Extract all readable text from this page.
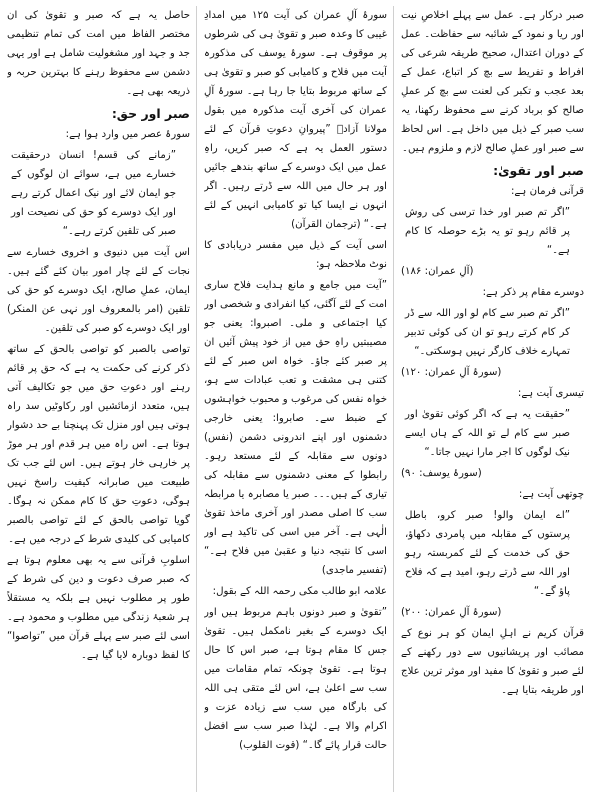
صبر درکار ہے۔ عمل سے پہلے اخلاصِ نیت اور ریا و نمود کے شائبہ سے حفاظت۔ عمل کے دوران اعتدال، صحیح طریقہ شرعی کی افراط و تفریط سے بچ کر اتباع، عمل کے بعد عجب و تکبر کی لعنت سے بچ کر عملِ صالح کو برباد کرنے سے محفوظ رکھنا، یہ سب صبر کے ذیل میں داخل ہے۔ اس لحاظ سے صبر اور عملِ صالح لازم و ملزوم ہیں۔

صبر اور تقویٰ:

قرآنی فرمان ہے:

”اگر تم صبر اور خدا ترسی کی روش پر قائم رہو تو یہ بڑے حوصلہ کا کام ہے۔“

(آلِ عمران: ۱۸۶)

دوسرے مقام پر ذکر ہے:

”اگر تم صبر سے کام لو اور اللہ سے ڈر کر کام کرتے رہو تو ان کی کوئی تدبیر تمہارے خلاف کارگر نہیں ہوسکتی۔“

(سورۂ آلِ عمران: ۱۲۰)

تیسری آیت ہے:

”حقیقت یہ ہے کہ اگر کوئی تقویٰ اور صبر سے کام لے تو اللہ کے ہاں ایسے نیک لوگوں کا اجر مارا نہیں جاتا۔“

(سورۂ یوسف: ۹۰)

چوتھی آیت ہے:

”اے ایمان والو! صبر کرو، باطل پرستوں کے مقابلہ میں پامردی دکھاؤ، حق کی خدمت کے لئے کمربستہ رہو اور اللہ سے ڈرتے رہو، امید ہے کہ فلاح پاؤ گے۔“

(سورۂ آلِ عمران: ۲۰۰)

قرآن کریم نے اہلِ ایمان کو ہر نوع کے مصائب اور پریشانیوں سے دور رکھنے کے لئے صبر و تقویٰ کا مفید اور موثر ترین علاج اور طریقہ بتایا ہے۔

سورۂ آلِ عمران کی آیت ۱۲۵ میں امدادِ غیبی کا وعدہ صبر و تقویٰ ہی کی شرطوں پر موقوف ہے۔ سورۂ یوسف کی مذکورہ آیت میں فلاح و کامیابی کو صبر و تقویٰ ہی کے ساتھ مربوط بتایا جا رہا ہے۔ سورۂ آلِ عمران کی آخری آیت مذکورہ میں بقول مولانا آزادؒ ”پیروانِ دعوتِ قرآن کے لئے دستور العمل یہ ہے کہ صبر کریں، راہِ عمل میں ایک دوسرے کے ساتھ بندھے جائیں اور ہر حال میں اللہ سے ڈرتے رہیں۔ اگر انہوں نے ایسا کیا تو کامیابی انہیں کے لئے ہے۔“ (ترجمان القرآن)

اسی آیت کے ذیل میں مفسر دریابادی کا نوٹ ملاحظہ ہو:

”آیت میں جامع و مانع ہدایت فلاح ساری امت کے لئے آگئی، کیا انفرادی و شخصی اور کیا اجتماعی و ملی۔ اصبروا: یعنی جو مصیبتیں راہِ حق میں از خود پیش آئیں ان پر صبر کئے جاؤ۔ خواہ اس صبر کے لئے کتنی ہی مشقت و تعب عبادات سے ہو، خواہ نفس کی مرغوب و محبوب خواہشوں کے ضبط سے۔ صابروا: یعنی خارجی دشمنوں اور اپنے اندرونی دشمن (نفس) دونوں سے مقابلہ کے لئے مستعد رہو۔ رابطوا کے معنی دشمنوں سے مقابلہ کی تیاری کے ہیں۔۔۔ صبر یا مصابرہ یا مرابطہ سب کا اصلی مصدر اور آخری ماخذ تقویٰ الٰہی ہے۔ آخر میں اسی کی تاکید ہے اور اسی کا نتیجہ دنیا و عقبیٰ میں فلاح ہے۔“ (تفسیر ماجدی)

علامہ ابو طالب مکی رحمہ اللہ کے بقول:

”تقویٰ و صبر دونوں باہم مربوط ہیں اور ایک دوسرے کے بغیر نامکمل ہیں۔ تقویٰ جس کا مقام ہوتا ہے، صبر اس کا حال ہوتا ہے۔ تقویٰ چونکہ تمام مقامات میں سب سے اعلیٰ ہے، اس لئے متقی ہی اللہ کی بارگاہ میں سب سے زیادہ عزت و اکرام والا ہے۔ لہٰذا صبر سب سے افضل حالت قرار پائے گا۔“ (قوت القلوب)

حاصل یہ ہے کہ صبر و تقویٰ کی ان مختصر الفاظ میں امت کی تمام تنظیمی جد و جہد اور مشغولیت شامل ہے اور یہی دشمن سے محفوظ رہنے کا بہترین حربہ و ذریعہ بھی ہے۔

صبر اور حق:

سورۂ عصر میں وارد ہوا ہے:

”زمانے کی قسم! انسان درحقیقت خسارے میں ہے، سوائے ان لوگوں کے جو ایمان لائے اور نیک اعمال کرتے رہے اور ایک دوسرے کو حق کی نصیحت اور صبر کی تلقین کرتے رہے۔“

اس آیت میں دنیوی و اخروی خسارے سے نجات کے لئے چار امور بیان کئے گئے ہیں۔ ایمان، عملِ صالح، ایک دوسرے کو حق کی تلقین (امر بالمعروف اور نہی عن المنکر) اور ایک دوسرے کو صبر کی تلقین۔

تواصی بالصبر کو تواصی بالحق کے ساتھ ذکر کرنے کی حکمت یہ ہے کہ حق پر قائم رہنے اور دعوتِ حق میں جو تکالیف آتی ہیں، متعدد ازمائشیں اور رکاوٹیں سد راہ ہوتی ہیں اور منزل تک پہنچنا بے حد دشوار ہوتا ہے۔ اس راہ میں ہر قدم اور ہر موڑ پر خارہی خار ہوتے ہیں۔ اس لئے جب تک طبیعت میں صابرانہ کیفیت راسخ نہیں ہوگی، دعوتِ حق کا کام ممکن نہ ہوگا۔ گویا تواصی بالحق کے لئے تواصی بالصبر کامیابی کی کلیدی شرط کے درجہ میں ہے۔

اسلوبِ قرآنی سے یہ بھی معلوم ہوتا ہے کہ صبر صرف دعوت و دین کی شرط کے طور پر مطلوب نہیں ہے بلکہ یہ مستقلاً ہر شعبۂ زندگی میں مطلوب و محمود ہے۔ اسی لئے صبر سے پہلے قرآن میں ”تواصوا“ کا لفظ دوبارہ لایا گیا ہے۔
